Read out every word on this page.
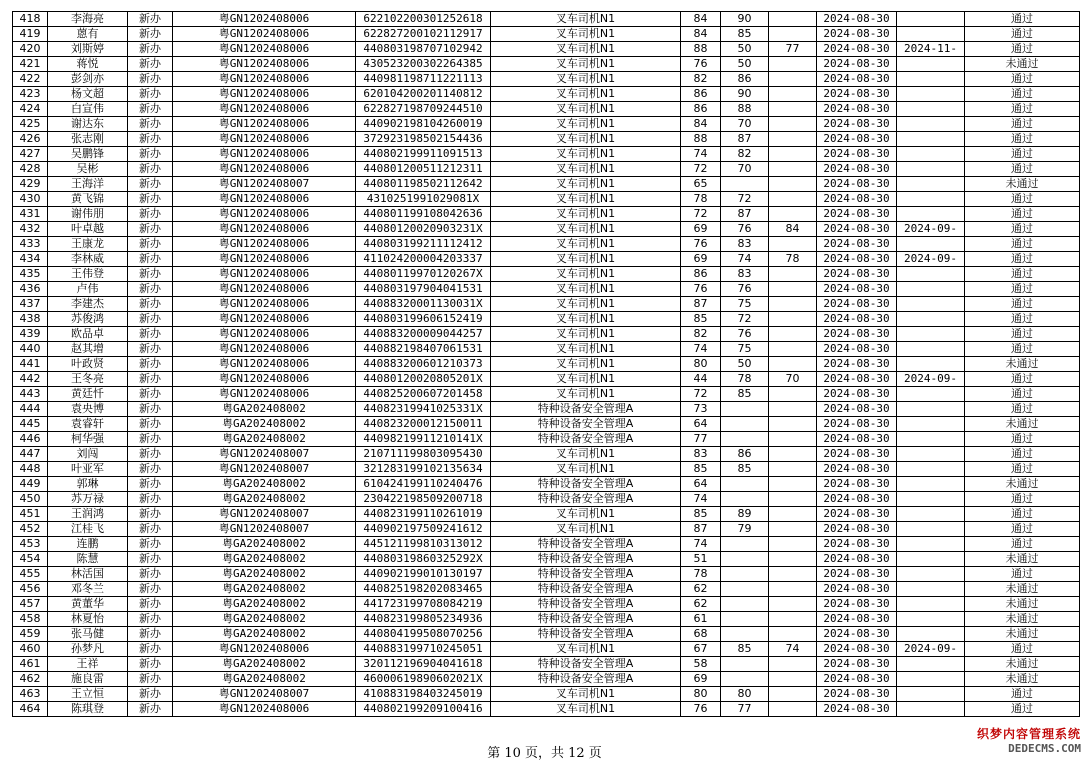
418	李海亮	新办	粤GN1202408006	622102200301252618	叉车司机N1	84	90		2024-08-30		通过
419	蒽有	新办	粤GN1202408006	622827200102112917	叉车司机N1	84	85		2024-08-30		通过
420	刘斯婷	新办	粤GN1202408006	440803198707102942	叉车司机N1	88	50	77	2024-08-30	2024-11-	通过
421	蒋悦	新办	粤GN1202408006	430523200302264385	叉车司机N1	76	50		2024-08-30		未通过
422	彭剑亦	新办	粤GN1202408006	440981198711221113	叉车司机N1	82	86		2024-08-30		通过
423	杨文超	新办	粤GN1202408006	620104200201140812	叉车司机N1	86	90		2024-08-30		通过
424	白宣伟	新办	粤GN1202408006	622827198709244510	叉车司机N1	86	88		2024-08-30		通过
425	谢达东	新办	粤GN1202408006	440902198104260019	叉车司机N1	84	70		2024-08-30		通过
426	张志刚	新办	粤GN1202408006	372923198502154436	叉车司机N1	88	87		2024-08-30		通过
427	吴鹏锋	新办	粤GN1202408006	440802199911091513	叉车司机N1	74	82		2024-08-30		通过
428	吴彬	新办	粤GN1202408006	440801200511212311	叉车司机N1	72	70		2024-08-30		通过
429	王海洋	新办	粤GN1202408007	440801198502112642	叉车司机N1	65			2024-08-30		未通过
430	黄飞锦	新办	粤GN1202408006	4310251991029081X	叉车司机N1	78	72		2024-08-30		通过
431	谢伟朋	新办	粤GN1202408006	440801199108042636	叉车司机N1	72	87		2024-08-30		通过
432	叶卓越	新办	粤GN1202408006	44080120020903231X	叉车司机N1	69	76	84	2024-08-30	2024-09-	通过
433	王康龙	新办	粤GN1202408006	440803199211112412	叉车司机N1	76	83		2024-08-30		通过
434	李林威	新办	粤GN1202408006	411024200004203337	叉车司机N1	69	74	78	2024-08-30	2024-09-	通过
435	王伟登	新办	粤GN1202408006	44080119970120267X	叉车司机N1	86	83		2024-08-30		通过
436	卢伟	新办	粤GN1202408006	440803197904041531	叉车司机N1	76	76		2024-08-30		通过
437	李建杰	新办	粤GN1202408006	44088320001130031X	叉车司机N1	87	75		2024-08-30		通过
438	苏俊鸿	新办	粤GN1202408006	440803199606152419	叉车司机N1	85	72		2024-08-30		通过
439	欧品卓	新办	粤GN1202408006	440883200009044257	叉车司机N1	82	76		2024-08-30		通过
440	赵其增	新办	粤GN1202408006	440882198407061531	叉车司机N1	74	75		2024-08-30		通过
441	叶政贤	新办	粤GN1202408006	440883200601210373	叉车司机N1	80	50		2024-08-30		未通过
442	王冬亮	新办	粤GN1202408006	44080120020805201X	叉车司机N1	44	78	70	2024-08-30	2024-09-	通过
443	黄廷忏	新办	粤GN1202408006	440825200607201458	叉车司机N1	72	85		2024-08-30		通过
444	袁央博	新办	粤GA202408002	44082319941025331X	特种设备安全管理A	73			2024-08-30		通过
445	袁睿轩	新办	粤GA202408002	440823200012150011	特种设备安全管理A	64			2024-08-30		未通过
446	柯华强	新办	粤GA202408002	44098219911210141X	特种设备安全管理A	77			2024-08-30		通过
447	刘闯	新办	粤GN1202408007	210711199803095430	叉车司机N1	83	86		2024-08-30		通过
448	叶亚军	新办	粤GN1202408007	321283199102135634	叉车司机N1	85	85		2024-08-30		通过
449	郭琳	新办	粤GA202408002	610424199110240476	特种设备安全管理A	64			2024-08-30		未通过
450	苏万禄	新办	粤GA202408002	230422198509200718	特种设备安全管理A	74			2024-08-30		通过
451	王润鸿	新办	粤GN1202408007	440823199110261019	叉车司机N1	85	89		2024-08-30		通过
452	江桂飞	新办	粤GN1202408007	440902197509241612	叉车司机N1	87	79		2024-08-30		通过
453	连鹏	新办	粤GA202408002	445121199810313012	特种设备安全管理A	74			2024-08-30		通过
454	陈慧	新办	粤GA202408002	44080319860325292X	特种设备安全管理A	51			2024-08-30		未通过
455	林活国	新办	粤GA202408002	440902199010130197	特种设备安全管理A	78			2024-08-30		通过
456	邓冬兰	新办	粤GA202408002	440825198202083465	特种设备安全管理A	62			2024-08-30		未通过
457	黄董华	新办	粤GA202408002	441723199708084219	特种设备安全管理A	62			2024-08-30		未通过
458	林夏怡	新办	粤GA202408002	440823199805234936	特种设备安全管理A	61			2024-08-30		未通过
459	张马健	新办	粤GA202408002	440804199508070256	特种设备安全管理A	68			2024-08-30		未通过
460	孙梦凡	新办	粤GN1202408006	440883199710245051	叉车司机N1	67	85	74	2024-08-30	2024-09-	通过
461	王祥	新办	粤GA202408002	320112196904041618	特种设备安全管理A	58			2024-08-30		未通过
462	施良雷	新办	粤GA202408002	46000619890602021X	特种设备安全管理A	69			2024-08-30		未通过
463	王立恒	新办	粤GN1202408007	410883198403245019	叉车司机N1	80	80		2024-08-30		通过
464	陈琪登	新办	粤GN1202408006	440802199209100416	叉车司机N1	76	77		2024-08-30		通过
第 10 页，共 12 页
织梦内容管理系统
DEDECMS.COM
